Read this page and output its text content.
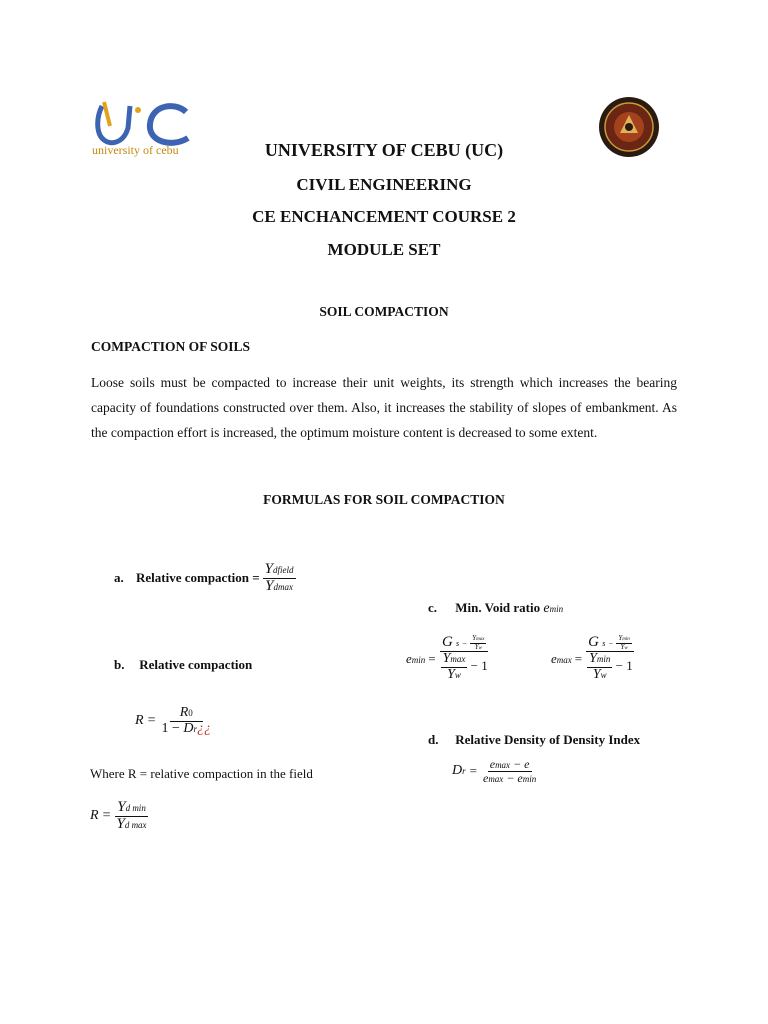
university of cebu	UNIVERSITY OF CEBU (UC)
CIVIL ENGINEERING
CE ENCHANCEMENT COURSE 2
MODULE SET
SOIL COMPACTION
COMPACTION OF SOILS
Loose soils must be compacted to increase their unit weights, its strength which increases the bearing capacity of foundations constructed over them. Also, it increases the stability of slopes of embankment. As the compaction effort is increased, the optimum moisture content is decreased to some extent.
FORMULAS FOR SOIL COMPACTION
a. Relative compaction = $\frac{\text{Ydfield}}{Ydmax}$
b. Relative compaction
$R = \frac{R0}{1 - Dr¿¿}$
Where R = relative compaction in the field
$R = \frac{\text{Yd min}}{\text{Yd max}}$
c. Min. Void ratio emin
$emin = \frac{G s - \frac{Ymax}{Yw}}{\frac{Ymax}{Yw} - 1}$	$emax = \frac{G s - \frac{Ymin}{Yw}}{\frac{Ymin}{Yw} - 1}$
d. Relative Density of Density Index
$Dr = \frac{emax - e}{emax - emin}$
